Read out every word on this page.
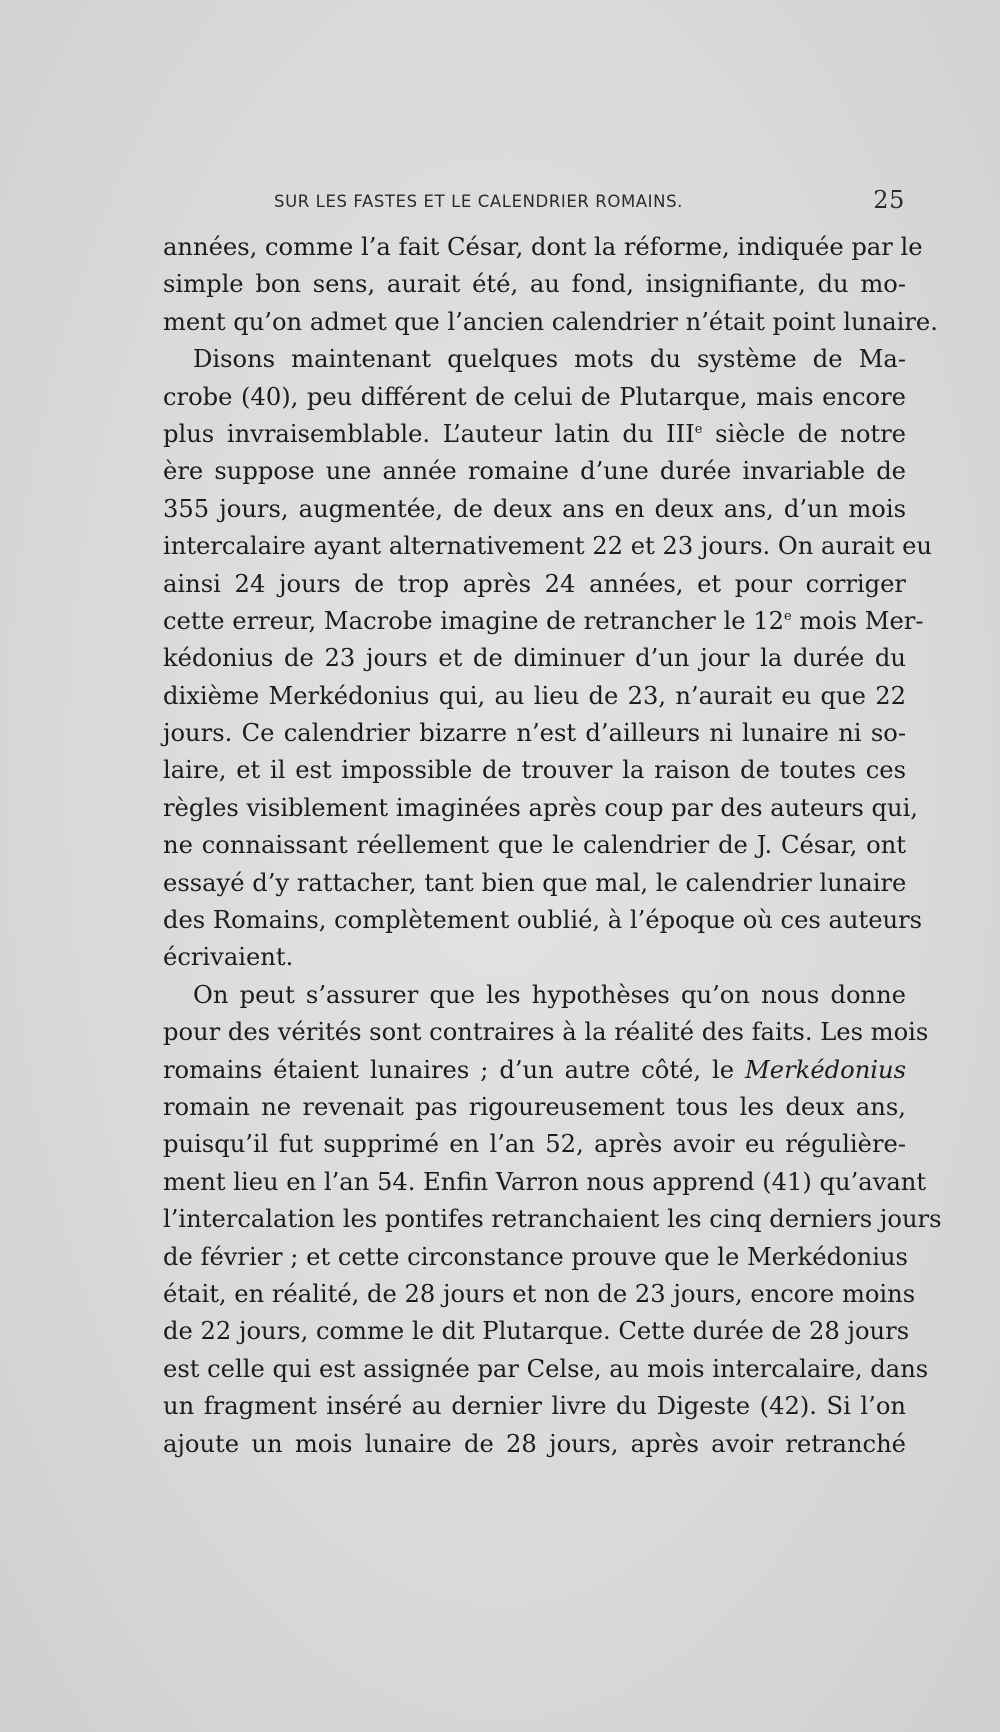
SUR LES FASTES ET LE CALENDRIER ROMAINS.	25
années, comme l’a fait César, dont la réforme, indiquée par le
simple bon sens, aurait été, au fond, insignifiante, du mo-
ment qu’on admet que l’ancien calendrier n’était point lunaire.
Disons maintenant quelques mots du système de Ma-
crobe (40), peu différent de celui de Plutarque, mais encore
plus invraisemblable. L’auteur latin du IIIe siècle de notre
ère suppose une année romaine d’une durée invariable de
355 jours, augmentée, de deux ans en deux ans, d’un mois
intercalaire ayant alternativement 22 et 23 jours. On aurait eu
ainsi 24 jours de trop après 24 années, et pour corriger
cette erreur, Macrobe imagine de retrancher le 12e mois Mer-
kédonius de 23 jours et de diminuer d’un jour la durée du
dixième Merkédonius qui, au lieu de 23, n’aurait eu que 22
jours. Ce calendrier bizarre n’est d’ailleurs ni lunaire ni so-
laire, et il est impossible de trouver la raison de toutes ces
règles visiblement imaginées après coup par des auteurs qui,
ne connaissant réellement que le calendrier de J. César, ont
essayé d’y rattacher, tant bien que mal, le calendrier lunaire
des Romains, complètement oublié, à l’époque où ces auteurs
écrivaient.
On peut s’assurer que les hypothèses qu’on nous donne
pour des vérités sont contraires à la réalité des faits. Les mois
romains étaient lunaires ; d’un autre côté, le Merkédonius
romain ne revenait pas rigoureusement tous les deux ans,
puisqu’il fut supprimé en l’an 52, après avoir eu régulière-
ment lieu en l’an 54. Enfin Varron nous apprend (41) qu’avant
l’intercalation les pontifes retranchaient les cinq derniers jours
de février ; et cette circonstance prouve que le Merkédonius
était, en réalité, de 28 jours et non de 23 jours, encore moins
de 22 jours, comme le dit Plutarque. Cette durée de 28 jours
est celle qui est assignée par Celse, au mois intercalaire, dans
un fragment inséré au dernier livre du Digeste (42). Si l’on
ajoute un mois lunaire de 28 jours, après avoir retranché
